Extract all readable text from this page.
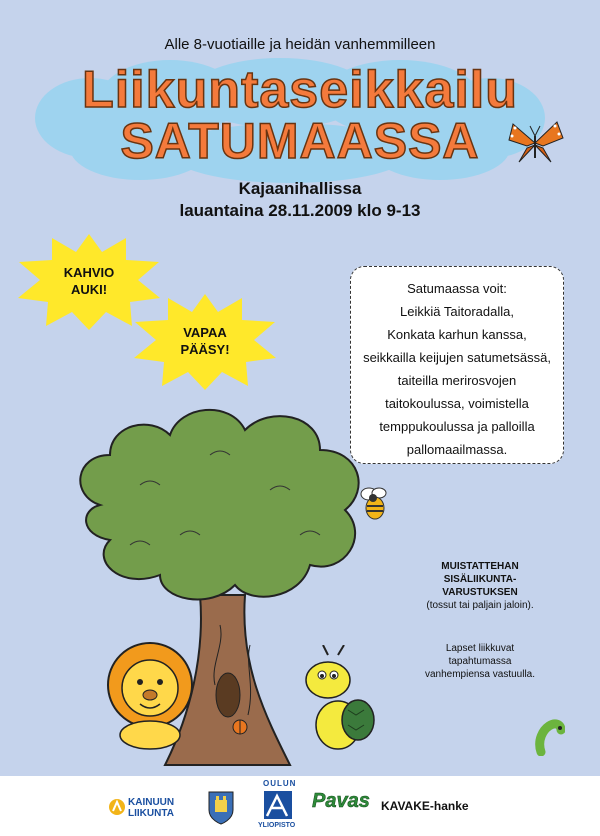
Alle 8-vuotiaille ja heidän vanhemmilleen
Liikuntaseikkailu
SATUMAASSA
Kajaanihallissa
lauantaina 28.11.2009 klo 9-13
KAHVIO
AUKI!
VAPAA
PÄÄSY!
Satumaassa voit:
Leikkiä Taitoradalla,
Konkata karhun kanssa,
seikkailla keijujen satumetsässä,
taiteilla merirosvojen
taitokoulussa, voimistella
temppukoulussa ja palloilla
pallomaailmassa.
MUISTATTEHAN
SISÄLIIKUNTA-
VARUSTUKSEN
(tossut tai paljain jaloin).
Lapset liikkuvat
tapahtumassa
vanhempiensa vastuulla.
KAINUUN
LIIKUNTA
OULUN
YLIOPISTO
Pavas KAVAKE-hanke
